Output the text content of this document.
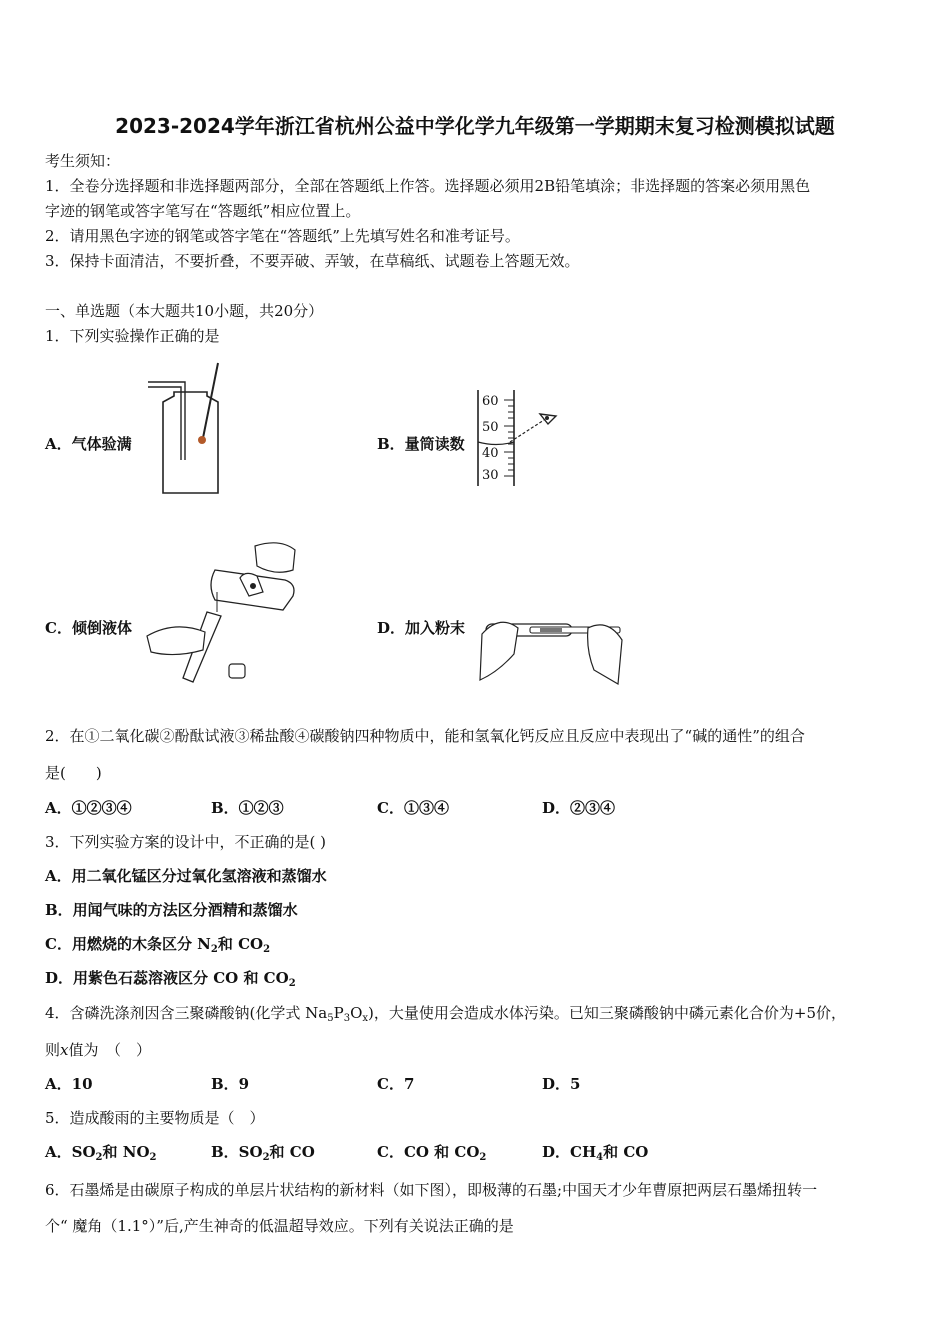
2023-2024学年浙江省杭州公益中学化学九年级第一学期期末复习检测模拟试题
考生须知：
1．全卷分选择题和非选择题两部分，全部在答题纸上作答。选择题必须用2B铅笔填涂；非选择题的答案必须用黑色
字迹的钢笔或答字笔写在“答题纸”相应位置上。
2．请用黑色字迹的钢笔或答字笔在“答题纸”上先填写姓名和准考证号。
3．保持卡面清洁，不要折叠，不要弄破、弄皱，在草稿纸、试题卷上答题无效。
一、单选题（本大题共10小题，共20分）
1．下列实验操作正确的是
A．气体验满	B．量筒读数
60
50
40
30
C．倾倒液体	D．加入粉末
2．在①二氧化碳②酚酞试液③稀盐酸④碳酸钠四种物质中，能和氢氧化钙反应且反应中表现出了“碱的通性”的组合
是(　　)
A．①②③④	B．①②③	C．①③④	D．②③④
3．下列实验方案的设计中，不正确的是( )
A．用二氧化锰区分过氧化氢溶液和蒸馏水
B．用闻气味的方法区分酒精和蒸馏水
C．用燃烧的木条区分 $N_2$和 $CO_2$
D．用紫色石蕊溶液区分 CO 和 $CO_2$
4．含磷洗涤剂因含三聚磷酸钠(化学式 $Na_5P_3O_x$)，大量使用会造成水体污染。已知三聚磷酸钠中磷元素化合价为+5价，
则x值为　（　）
A．10	B．9	C．7	D．5
5．造成酸雨的主要物质是（　）
A．$SO_2$和 $NO_2$	B．$SO_2$和 CO	C．CO 和 $CO_2$	D．$CH_4$和 CO
6．石墨烯是由碳原子构成的单层片状结构的新材料（如下图），即极薄的石墨;中国天才少年曹原把两层石墨烯扭转一
个“ 魔角（1.1°）”后,产生神奇的低温超导效应。下列有关说法正确的是
